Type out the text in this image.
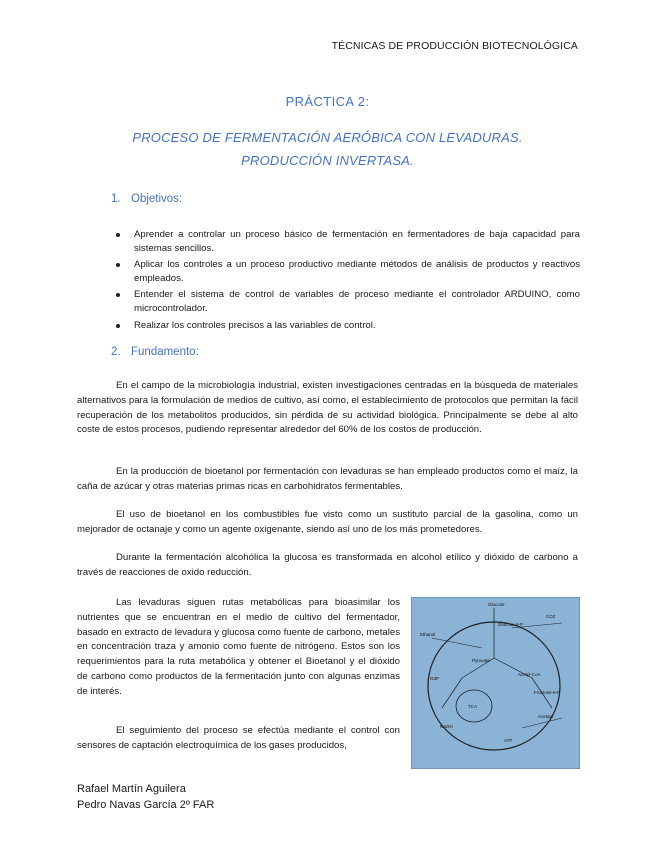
TÉCNICAS DE PRODUCCIÓN BIOTECNOLÓGICA
PRÁCTICA 2:
PROCESO DE FERMENTACIÓN AERÓBICA CON LEVADURAS.
PRODUCCIÓN INVERTASA.
1. Objetivos:
Aprender a controlar un proceso básico de fermentación en fermentadores de baja capacidad para sistemas sencillos.
Aplicar los controles a un proceso productivo mediante métodos de análisis de productos y reactivos empleados.
Entender el sistema de control de variables de proceso mediante el controlador ARDUINO, como microcontrolador.
Realizar los controles precisos a las variables de control.
2. Fundamento:

En el campo de la microbiología industrial, existen investigaciones centradas en la búsqueda de materiales alternativos para la formulación de medios de cultivo, así como, el establecimiento de protocolos que permitan la fácil recuperación de los metabolitos producidos, sin pérdida de su actividad biológica. Principalmente se debe al alto coste de estos procesos, pudiendo representar alrededor del 60% de los costos de producción.

En la producción de bioetanol por fermentación con levaduras se han empleado productos como el maíz, la caña de azúcar y otras materias primas ricas en carbohidratos fermentables.

El uso de bioetanol en los combustibles fue visto como un sustituto parcial de la gasolina, como un mejorador de octanaje y como un agente oxigenante, siendo así uno de los más prometedores.

Durante la fermentación alcohólica la glucosa es transformada en alcohol etílico y dióxido de carbono a través de reacciones de oxido reducción.

Las levaduras siguen rutas metabólicas para bioasimilar los nutrientes que se encuentran en el medio de cultivo del fermentador, basado en extracto de levadura y glucosa como fuente de carbono, metales en concentración traza y amonio como fuente de nitrógeno. Estos son los requerimientos para la ruta metabólica y obtener el Bioetanol y el dióxido de carbono como productos de la fermentación junto con algunas enzimas de interés.

El seguimiento del proceso se efectúa mediante el control con sensores de captación electroquímica de los gases producidos,

Glucose
Glucose-6-P
Ethanol
Pyruvate
Acetyl-CoA
TCA
Fructose-6-P
Acetate
G3P
NADH
ATP
CO2
Rafael Martín Aguilera
Pedro Navas García 2º FAR
